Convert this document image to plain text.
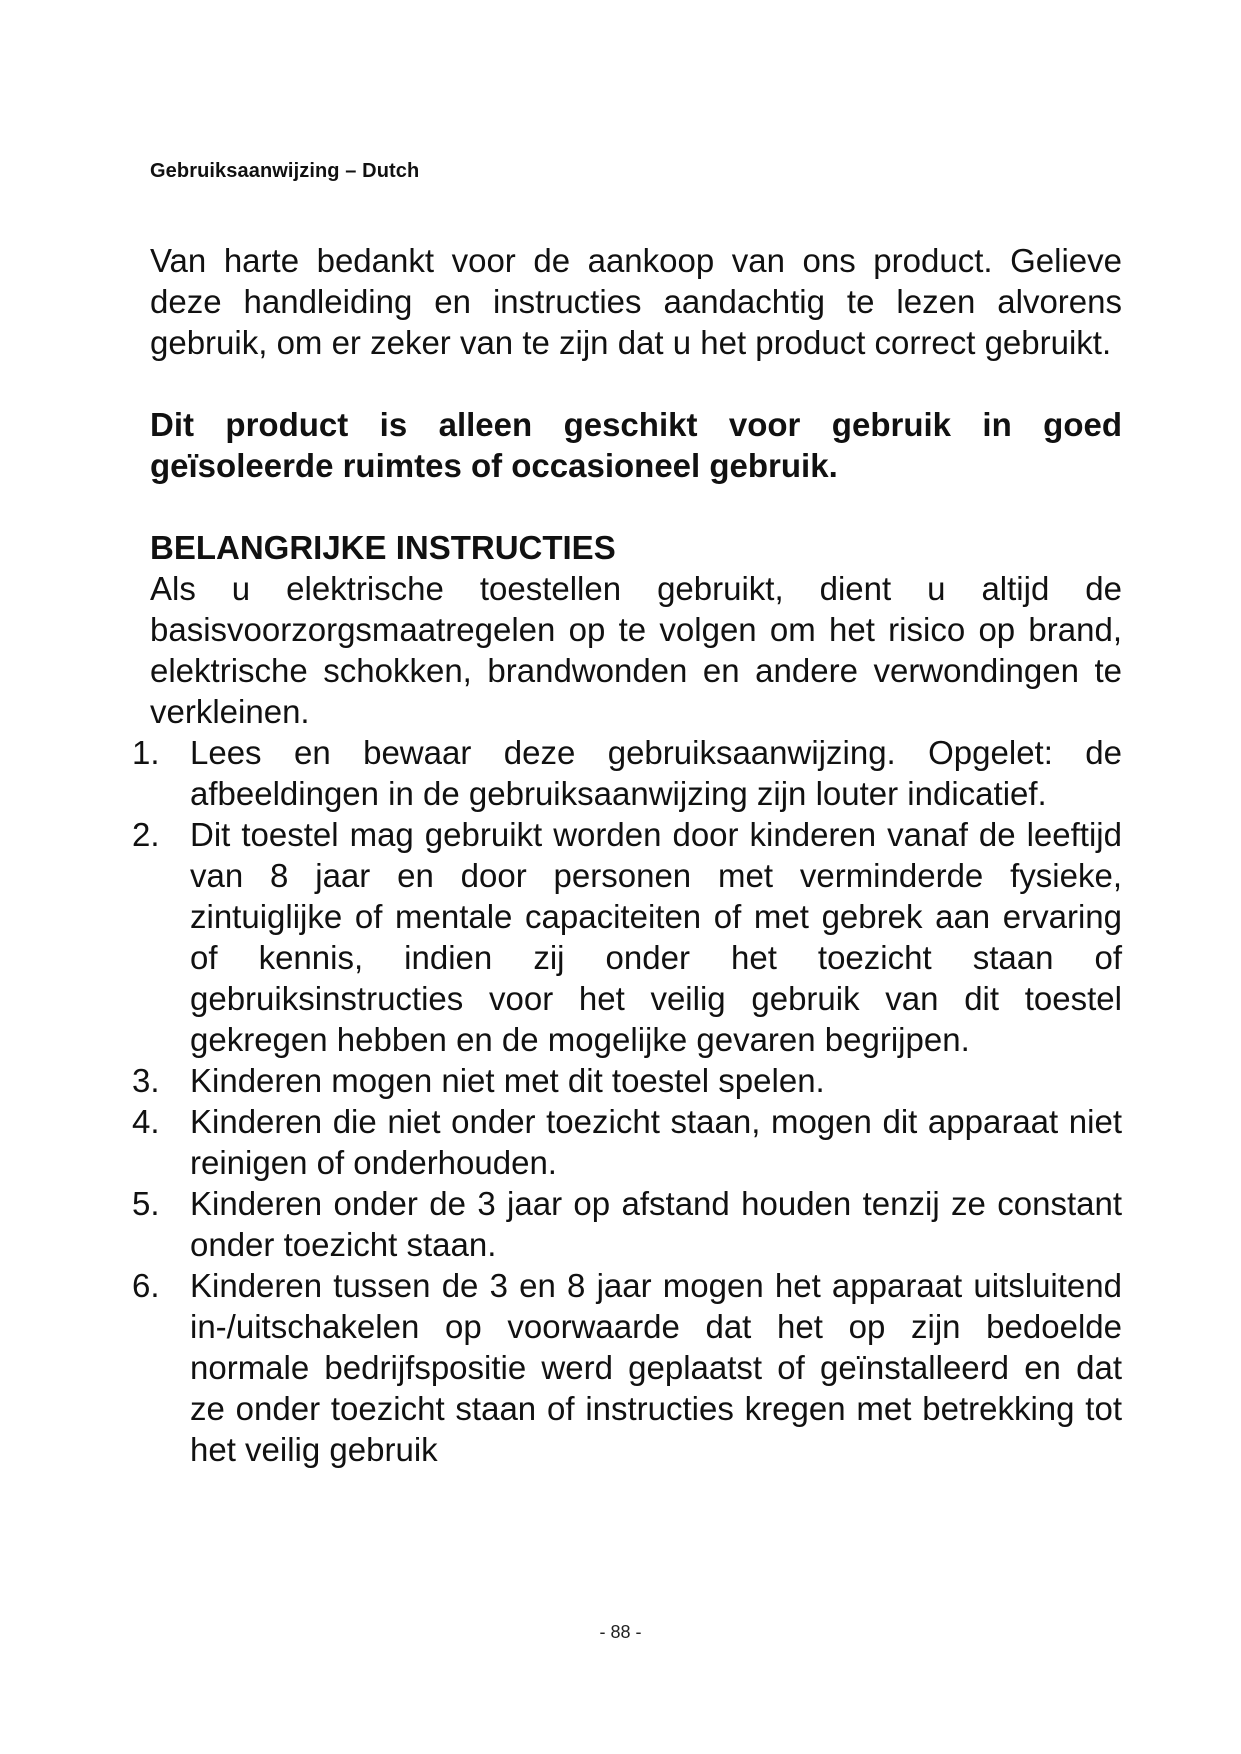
Gebruiksaanwijzing – Dutch

Van harte bedankt voor de aankoop van ons product. Gelieve deze handleiding en instructies aandachtig te lezen alvorens gebruik, om er zeker van te zijn dat u het product correct gebruikt.

Dit product is alleen geschikt voor gebruik in goed geïsoleerde ruimtes of occasioneel gebruik.

BELANGRIJKE INSTRUCTIES

Als u elektrische toestellen gebruikt, dient u altijd de basisvoorzorgsmaatregelen op te volgen om het risico op brand, elektrische schokken, brandwonden en andere verwondingen te verkleinen.

1. Lees en bewaar deze gebruiksaanwijzing. Opgelet: de afbeeldingen in de gebruiksaanwijzing zijn louter indicatief.
2. Dit toestel mag gebruikt worden door kinderen vanaf de leeftijd van 8 jaar en door personen met verminderde fysieke, zintuiglijke of mentale capaciteiten of met gebrek aan ervaring of kennis, indien zij onder het toezicht staan of gebruiksinstructies voor het veilig gebruik van dit toestel gekregen hebben en de mogelijke gevaren begrijpen.
3. Kinderen mogen niet met dit toestel spelen.
4. Kinderen die niet onder toezicht staan, mogen dit apparaat niet reinigen of onderhouden.
5. Kinderen onder de 3 jaar op afstand houden tenzij ze constant onder toezicht staan.
6. Kinderen tussen de 3 en 8 jaar mogen het apparaat uitsluitend in-/uitschakelen op voorwaarde dat het op zijn bedoelde normale bedrijfspositie werd geplaatst of geïnstalleerd en dat ze onder toezicht staan of instructies kregen met betrekking tot het veilig gebruik
- 88 -
